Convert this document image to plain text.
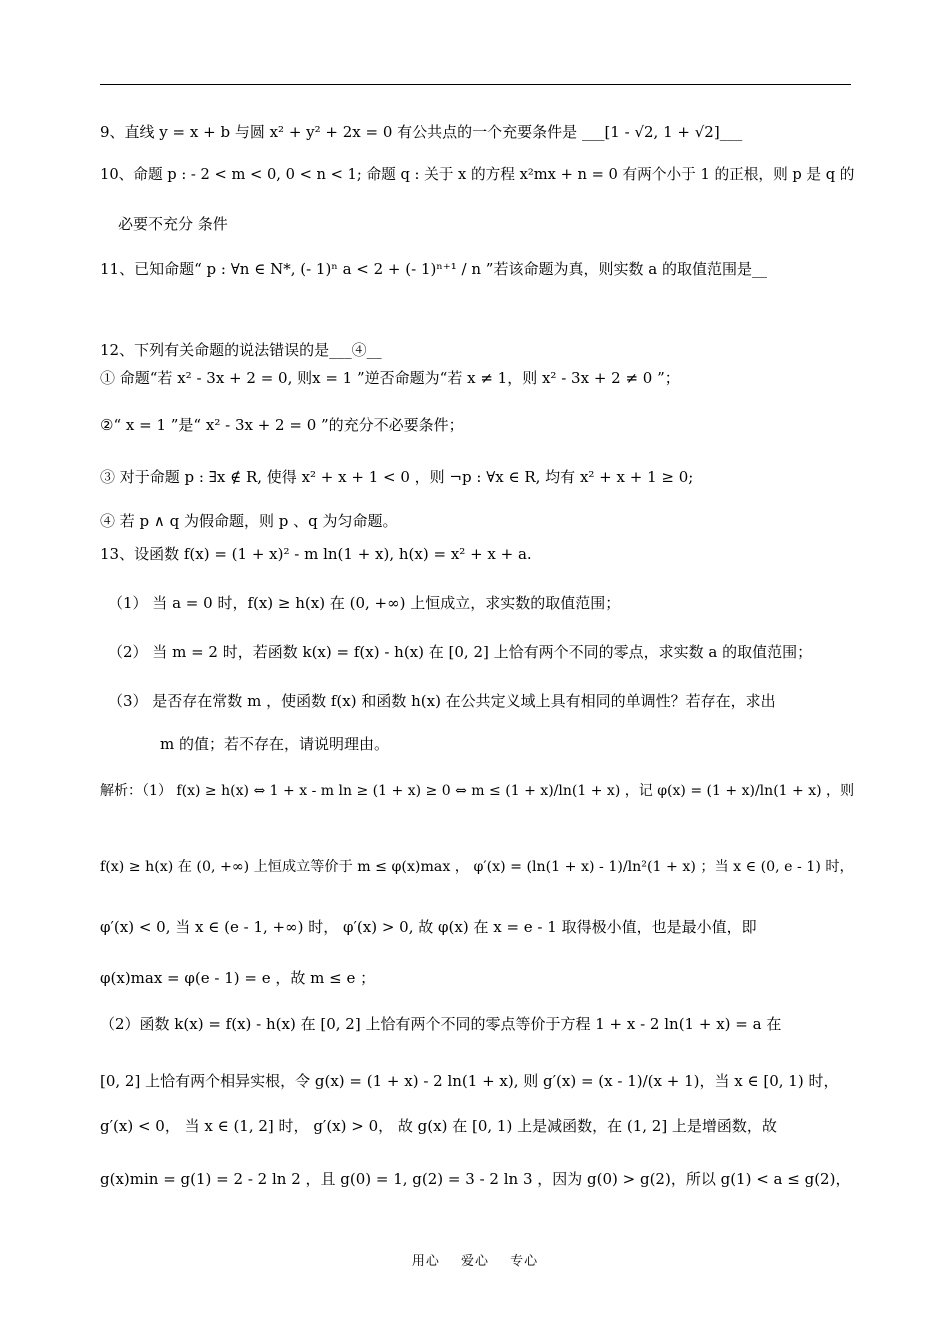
9、直线 y = x + b 与圆 x² + y² + 2x = 0 有公共点的一个充要条件是 ___[1 - √2, 1 + √2]___
10、命题 p : - 2 < m < 0, 0 < n < 1; 命题 q : 关于 x 的方程 x²mx + n = 0 有两个小于 1 的正根，则 p 是 q 的
必要不充分 条件
11、已知命题“ p : ∀n ∈ N*, (- 1)ⁿ a < 2 + (- 1)ⁿ⁺¹ / n ”若该命题为真，则实数 a 的取值范围是__
12、下列有关命题的说法错误的是___④__
① 命题“若 x² - 3x + 2 = 0, 则x = 1 ”逆否命题为“若 x ≠ 1，则 x² - 3x + 2 ≠ 0 ”；
②“ x = 1 ”是“ x² - 3x + 2 = 0 ”的充分不必要条件；
③ 对于命题 p : ∃x ∉ R, 使得 x² + x + 1 < 0 ，则 ¬p : ∀x ∈ R, 均有 x² + x + 1 ≥ 0;
④ 若 p ∧ q 为假命题，则 p 、q 为匀命题。
13、设函数 f(x) = (1 + x)² - m ln(1 + x), h(x) = x² + x + a.
（1） 当 a = 0 时，f(x) ≥ h(x) 在 (0, +∞) 上恒成立，求实数的取值范围；
（2） 当 m = 2 时，若函数 k(x) = f(x) - h(x) 在 [0, 2] 上恰有两个不同的零点，求实数 a 的取值范围；
（3） 是否存在常数 m ，使函数 f(x) 和函数 h(x) 在公共定义域上具有相同的单调性？若存在，求出
m 的值；若不存在，请说明理由。
解析：（1） f(x) ≥ h(x) ⇔ 1 + x - m ln ≥ (1 + x) ≥ 0 ⇔ m ≤ (1 + x)/ln(1 + x) ，记 φ(x) = (1 + x)/ln(1 + x) ，则
f(x) ≥ h(x) 在 (0, +∞) 上恒成立等价于 m ≤ φ(x)max ， φ′(x) = (ln(1 + x) - 1)/ln²(1 + x) ；当 x ∈ (0, e - 1) 时，
φ′(x) < 0, 当 x ∈ (e - 1, +∞) 时， φ′(x) > 0, 故 φ(x) 在 x = e - 1 取得极小值，也是最小值，即
φ(x)max = φ(e - 1) = e ，故 m ≤ e ；
（2）函数 k(x) = f(x) - h(x) 在 [0, 2] 上恰有两个不同的零点等价于方程 1 + x - 2 ln(1 + x) = a 在
[0, 2] 上恰有两个相异实根，令 g(x) = (1 + x) - 2 ln(1 + x), 则 g′(x) = (x - 1)/(x + 1)，当 x ∈ [0, 1) 时，
g′(x) < 0， 当 x ∈ (1, 2] 时， g′(x) > 0， 故 g(x) 在 [0, 1) 上是减函数，在 (1, 2] 上是增函数，故
g(x)min = g(1) = 2 - 2 ln 2 ，且 g(0) = 1, g(2) = 3 - 2 ln 3 ，因为 g(0) > g(2)，所以 g(1) < a ≤ g(2)，
用心 爱心 专心
